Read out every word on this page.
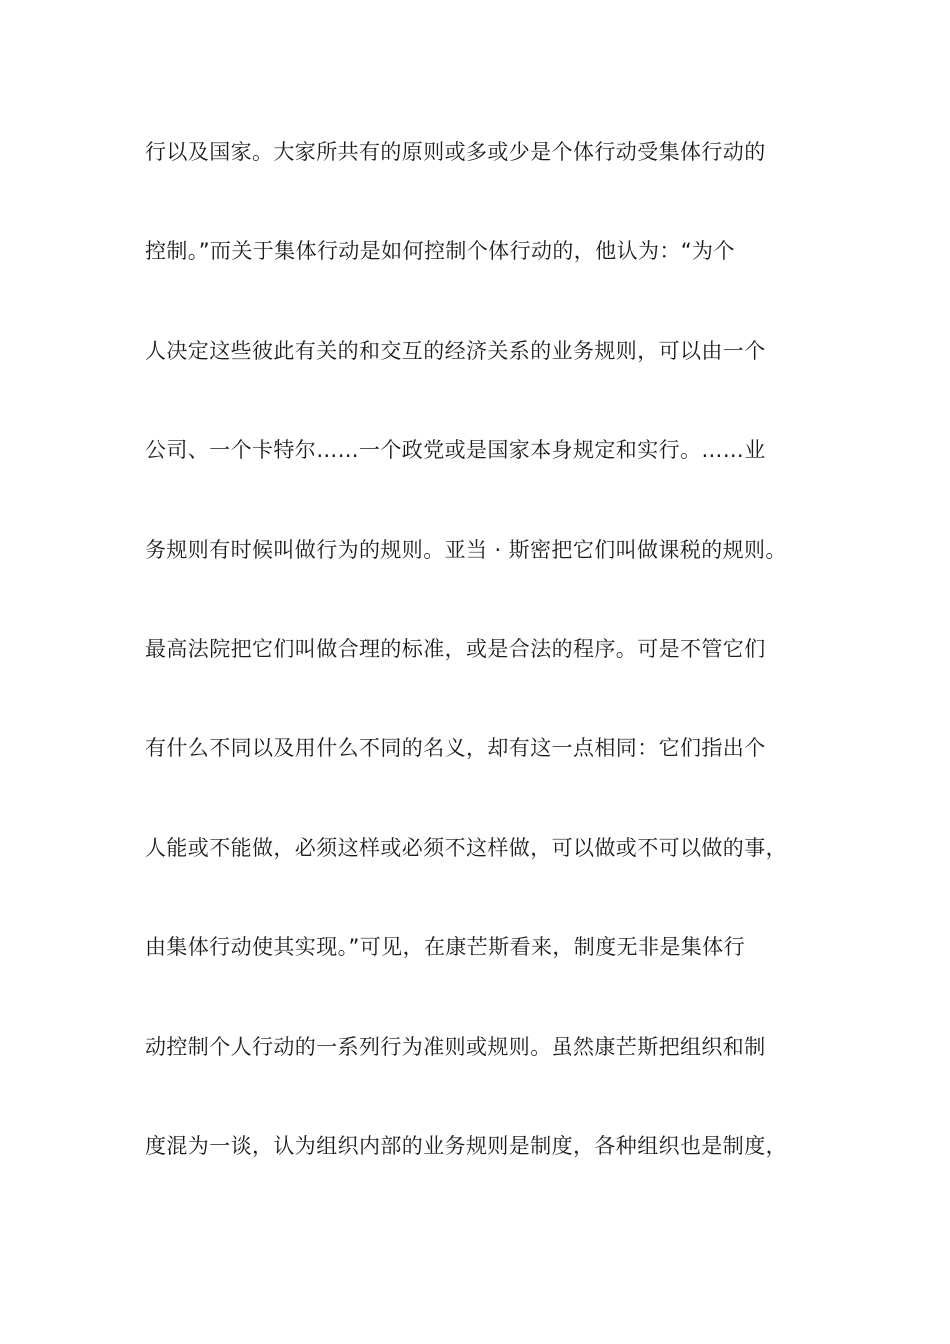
行以及国家。大家所共有的原则或多或少是个体行动受集体行动的
控制。”而关于集体行动是如何控制个体行动的，他认为：“为个
人决定这些彼此有关的和交互的经济关系的业务规则，可以由一个
公司、一个卡特尔……一个政党或是国家本身规定和实行。……业
务规则有时候叫做行为的规则。亚当 · 斯密把它们叫做课税的规则。
最高法院把它们叫做合理的标准，或是合法的程序。可是不管它们
有什么不同以及用什么不同的名义，却有这一点相同：它们指出个
人能或不能做，必须这样或必须不这样做，可以做或不可以做的事，
由集体行动使其实现。”可见，在康芒斯看来，制度无非是集体行
动控制个人行动的一系列行为准则或规则。虽然康芒斯把组织和制
度混为一谈，认为组织内部的业务规则是制度，各种组织也是制度，
